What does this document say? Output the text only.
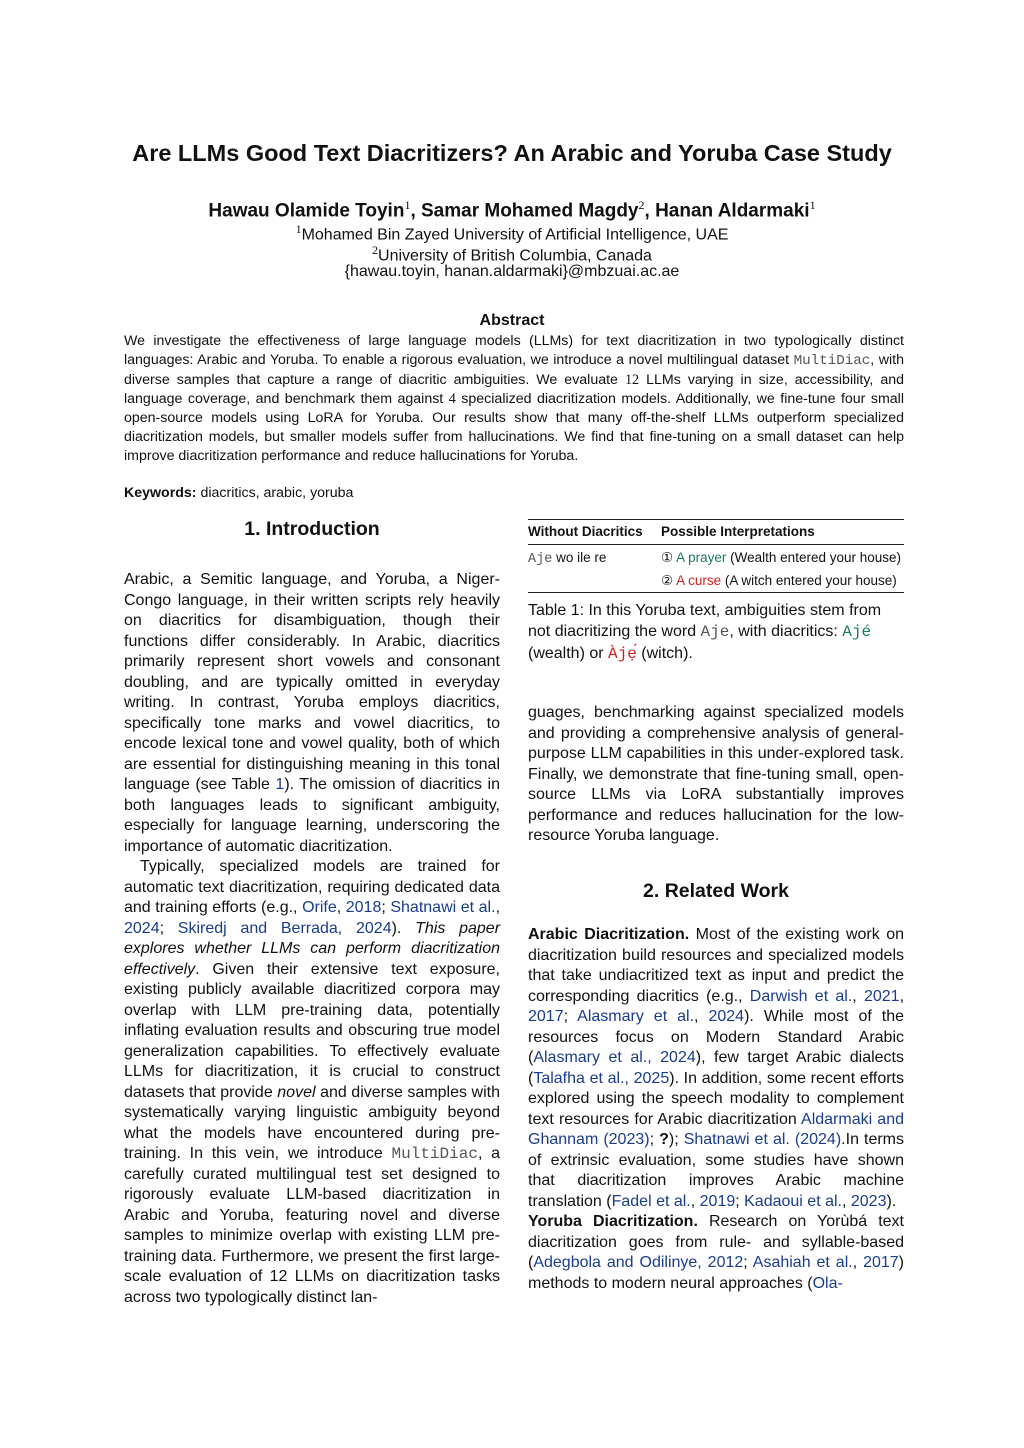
Are LLMs Good Text Diacritizers? An Arabic and Yoruba Case Study
Hawau Olamide Toyin$^1$, Samar Mohamed Magdy$^2$, Hanan Aldarmaki$^1$
$^1$Mohamed Bin Zayed University of Artificial Intelligence, UAE
$^2$University of British Columbia, Canada
{hawau.toyin, hanan.aldarmaki}@mbzuai.ac.ae
Abstract
We investigate the effectiveness of large language models (LLMs) for text diacritization in two typologically distinct languages: Arabic and Yoruba. To enable a rigorous evaluation, we introduce a novel multilingual dataset MultiDiac, with diverse samples that capture a range of diacritic ambiguities. We evaluate 12 LLMs varying in size, accessibility, and language coverage, and benchmark them against 4 specialized diacritization models. Additionally, we fine-tune four small open-source models using LoRA for Yoruba. Our results show that many off-the-shelf LLMs outperform specialized diacritization models, but smaller models suffer from hallucinations. We find that fine-tuning on a small dataset can help improve diacritization performance and reduce hallucinations for Yoruba.
Keywords: diacritics, arabic, yoruba
1. Introduction

Arabic, a Semitic language, and Yoruba, a Niger-Congo language, in their written scripts rely heavily on diacritics for disambiguation, though their functions differ considerably. In Arabic, diacritics primarily represent short vowels and consonant doubling, and are typically omitted in everyday writing. In contrast, Yoruba employs diacritics, specifically tone marks and vowel diacritics, to encode lexical tone and vowel quality, both of which are essential for distinguishing meaning in this tonal language (see Table 1). The omission of diacritics in both languages leads to significant ambiguity, especially for language learning, underscoring the importance of automatic diacritization.

Typically, specialized models are trained for automatic text diacritization, requiring dedicated data and training efforts (e.g., Orife, 2018; Shatnawi et al., 2024; Skiredj and Berrada, 2024). This paper explores whether LLMs can perform diacritization effectively. Given their extensive text exposure, existing publicly available diacritized corpora may overlap with LLM pre-training data, potentially inflating evaluation results and obscuring true model generalization capabilities. To effectively evaluate LLMs for diacritization, it is crucial to construct datasets that provide novel and diverse samples with systematically varying linguistic ambiguity beyond what the models have encountered during pre-training. In this vein, we introduce MultiDiac, a carefully curated multilingual test set designed to rigorously evaluate LLM-based diacritization in Arabic and Yoruba, featuring novel and diverse samples to minimize overlap with existing LLM pre-training data. Furthermore, we present the first large-scale evaluation of 12 LLMs on diacritization tasks across two typologically distinct lan-

Without Diacritics	Possible Interpretations
Aje wo ile re	① A prayer (Wealth entered your house)
	② A curse (A witch entered your house)
Table 1: In this Yoruba text, ambiguities stem from not diacritizing the word Aje, with diacritics: Ajé (wealth) or Àjẹ́ (witch).

guages, benchmarking against specialized models and providing a comprehensive analysis of general-purpose LLM capabilities in this under-explored task. Finally, we demonstrate that fine-tuning small, open-source LLMs via LoRA substantially improves performance and reduces hallucination for the low-resource Yoruba language.

2. Related Work

Arabic Diacritization. Most of the existing work on diacritization build resources and specialized models that take undiacritized text as input and predict the corresponding diacritics (e.g., Darwish et al., 2021, 2017; Alasmary et al., 2024). While most of the resources focus on Modern Standard Arabic (Alasmary et al., 2024), few target Arabic dialects (Talafha et al., 2025). In addition, some recent efforts explored using the speech modality to complement text resources for Arabic diacritization Aldarmaki and Ghannam (2023); ?); Shatnawi et al. (2024).In terms of extrinsic evaluation, some studies have shown that diacritization improves Arabic machine translation (Fadel et al., 2019; Kadaoui et al., 2023).

Yoruba Diacritization. Research on Yorùbá text diacritization goes from rule- and syllable-based (Adegbola and Odilinye, 2012; Asahiah et al., 2017) methods to modern neural approaches (Ola-
